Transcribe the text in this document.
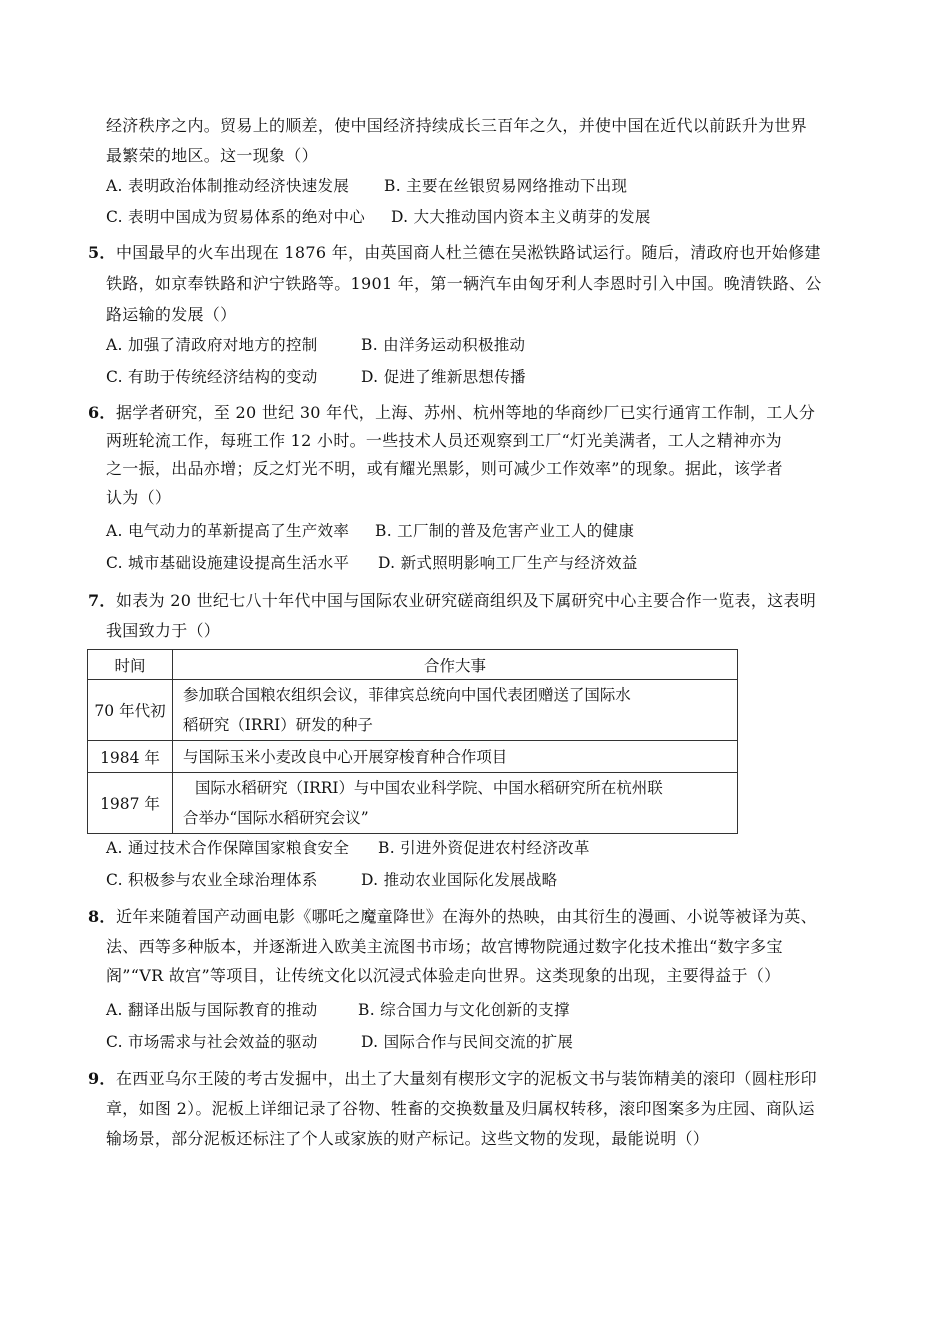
经济秩序之内。贸易上的顺差，使中国经济持续成长三百年之久，并使中国在近代以前跃升为世界
最繁荣的地区。这一现象（）
A. 表明政治体制推动经济快速发展 B. 主要在丝银贸易网络推动下出现
C. 表明中国成为贸易体系的绝对中心 D. 大大推动国内资本主义萌芽的发展
5． 中国最早的火车出现在 1876 年，由英国商人杜兰德在吴淞铁路试运行。随后，清政府也开始修建
铁路，如京奉铁路和沪宁铁路等。1901 年，第一辆汽车由匈牙利人李恩时引入中国。晚清铁路、公
路运输的发展（）
A. 加强了清政府对地方的控制	B. 由洋务运动积极推动
C. 有助于传统经济结构的变动	D. 促进了维新思想传播
6． 据学者研究，至 20 世纪 30 年代，上海、苏州、杭州等地的华商纱厂已实行通宵工作制，工人分
两班轮流工作，每班工作 12 小时。一些技术人员还观察到工厂“灯光美满者，工人之精神亦为
之一振，出品亦增；反之灯光不明，或有耀光黑影，则可减少工作效率”的现象。据此，该学者
认为（）
A. 电气动力的革新提高了生产效率 B. 工厂制的普及危害产业工人的健康
C. 城市基础设施建设提高生活水平 D. 新式照明影响工厂生产与经济效益
7． 如表为 20 世纪七八十年代中国与国际农业研究磋商组织及下属研究中心主要合作一览表，这表明
我国致力于（）
时间	合作大事
70 年代初	参加联合国粮农组织会议，菲律宾总统向中国代表团赠送了国际水
稻研究（IRRI）研发的种子

1984 年	与国际玉米小麦改良中心开展穿梭育种合作项目

1987 年	国际水稻研究（IRRI）与中国农业科学院、中国水稻研究所在杭州联
合举办“国际水稻研究会议”
A. 通过技术合作保障国家粮食安全 B. 引进外资促进农村经济改革
C. 积极参与农业全球治理体系	D. 推动农业国际化发展战略
8． 近年来随着国产动画电影《哪吒之魔童降世》在海外的热映，由其衍生的漫画、小说等被译为英、
法、西等多种版本，并逐渐进入欧美主流图书市场；故宫博物院通过数字化技术推出“数字多宝
阁”“VR 故宫”等项目，让传统文化以沉浸式体验走向世界。这类现象的出现，主要得益于（）
A. 翻译出版与国际教育的推动	B. 综合国力与文化创新的支撑
C. 市场需求与社会效益的驱动	D. 国际合作与民间交流的扩展
9． 在西亚乌尔王陵的考古发掘中，出土了大量刻有楔形文字的泥板文书与装饰精美的滚印（圆柱形印
章，如图 2）。泥板上详细记录了谷物、牲畜的交换数量及归属权转移，滚印图案多为庄园、商队运
输场景，部分泥板还标注了个人或家族的财产标记。这些文物的发现，最能说明（）
